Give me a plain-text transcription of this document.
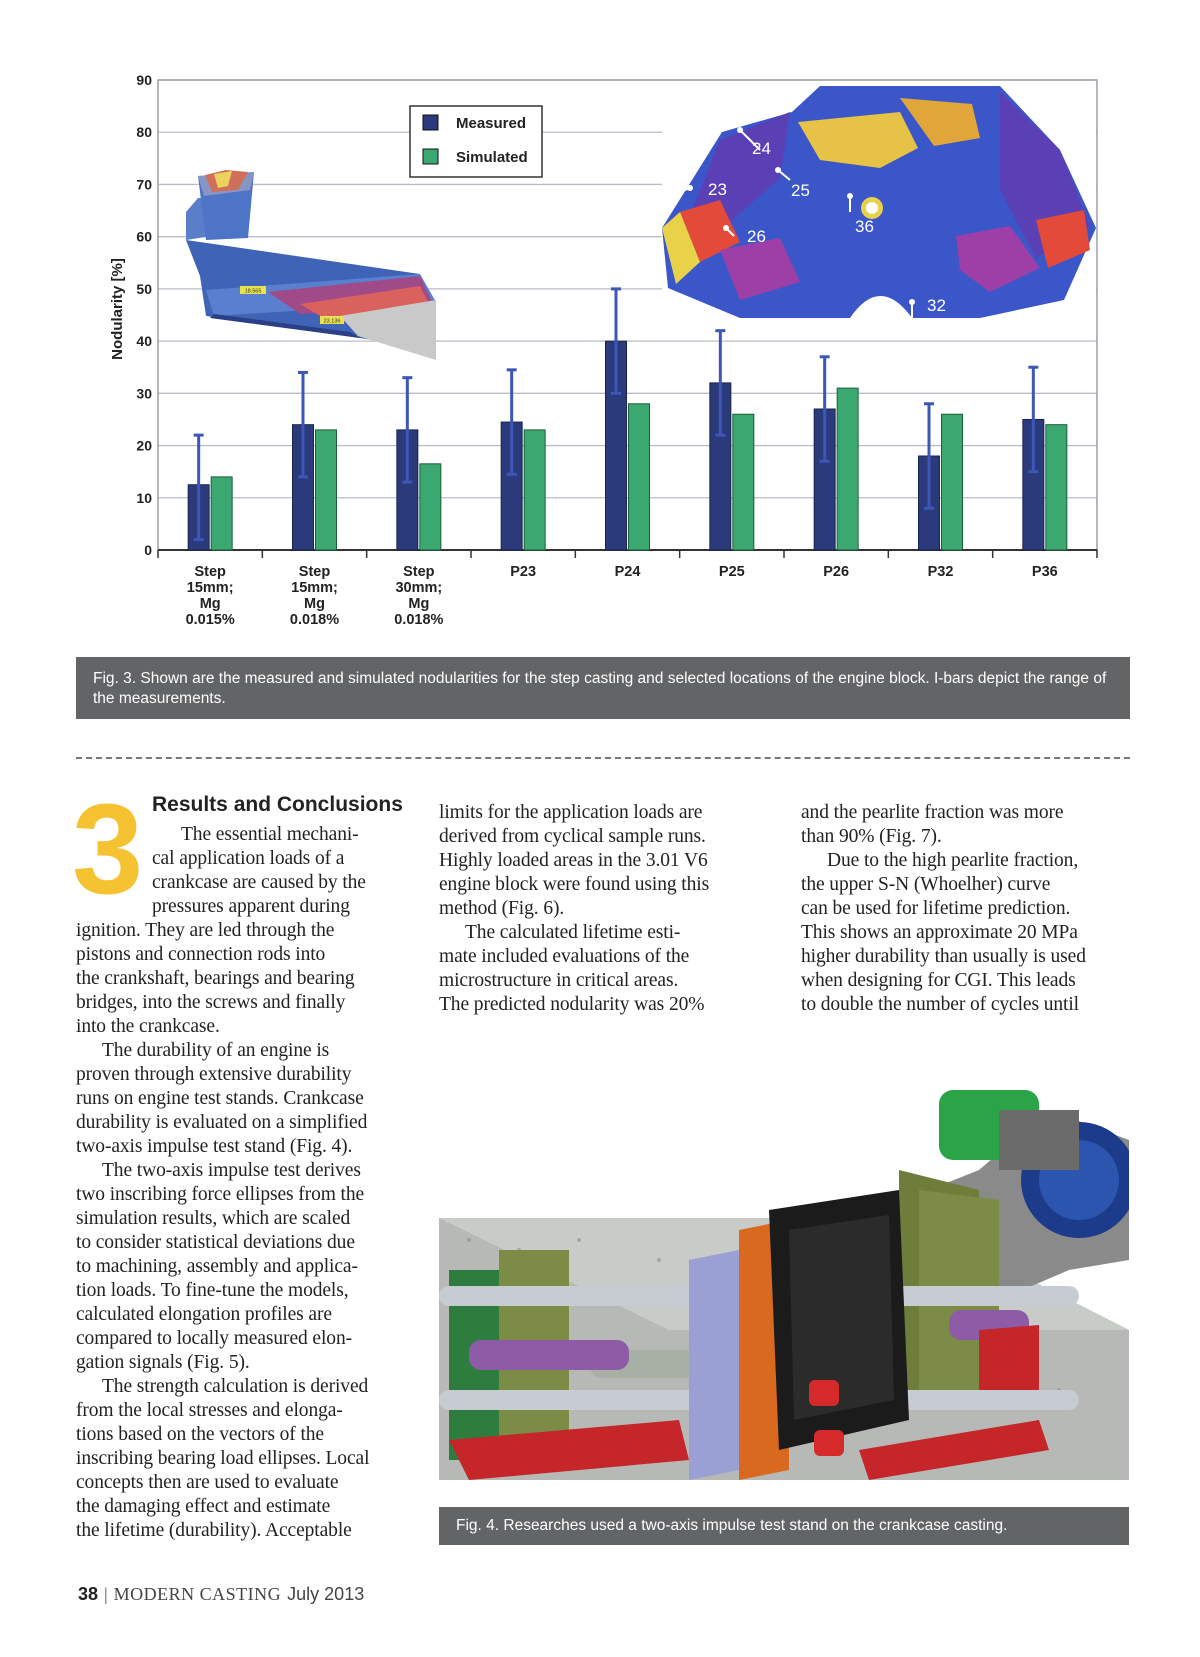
18.565
23.136
24
23	25
26
36
32
0
10
20
30
40
50
60
70
80
90
Step 15mm; Mg 0.015%
Step 15mm; Mg 0.018%
Step 30mm; Mg 0.018%
P23	P24	P25	P26	P32	P36
Measured
Simulated
Nodularity [%]
Fig. 3. Shown are the measured and simulated nodularities for the step casting and selected locations of the engine block. I-bars depict the range of the measurements.
3 Results and Conclusions
The essential mechani-
cal application loads of a
crankcase are caused by the
pressures apparent during
ignition. They are led through the
pistons and connection rods into
the crankshaft, bearings and bearing
bridges, into the screws and finally
into the crankcase.
The durability of an engine is
proven through extensive durability
runs on engine test stands. Crankcase
durability is evaluated on a simplified
two-axis impulse test stand (Fig. 4).
The two-axis impulse test derives
two inscribing force ellipses from the
simulation results, which are scaled
to consider statistical deviations due
to machining, assembly and applica-
tion loads. To fine-tune the models,
calculated elongation profiles are
compared to locally measured elon-
gation signals (Fig. 5).
The strength calculation is derived
from the local stresses and elonga-
tions based on the vectors of the
inscribing bearing load ellipses. Local
concepts then are used to evaluate
the damaging effect and estimate
the lifetime (durability). Acceptable
limits for the application loads are
derived from cyclical sample runs.
Highly loaded areas in the 3.01 V6
engine block were found using this
method (Fig. 6).
The calculated lifetime esti-
mate included evaluations of the
microstructure in critical areas.
The predicted nodularity was 20%
and the pearlite fraction was more
than 90% (Fig. 7).
Due to the high pearlite fraction,
the upper S-N (Whoelher) curve
can be used for lifetime prediction.
This shows an approximate 20 MPa
higher durability than usually is used
when designing for CGI. This leads
to double the number of cycles until
Fig. 4. Researches used a two-axis impulse test stand on the crankcase casting.
38 | MODERN CASTING July 2013
